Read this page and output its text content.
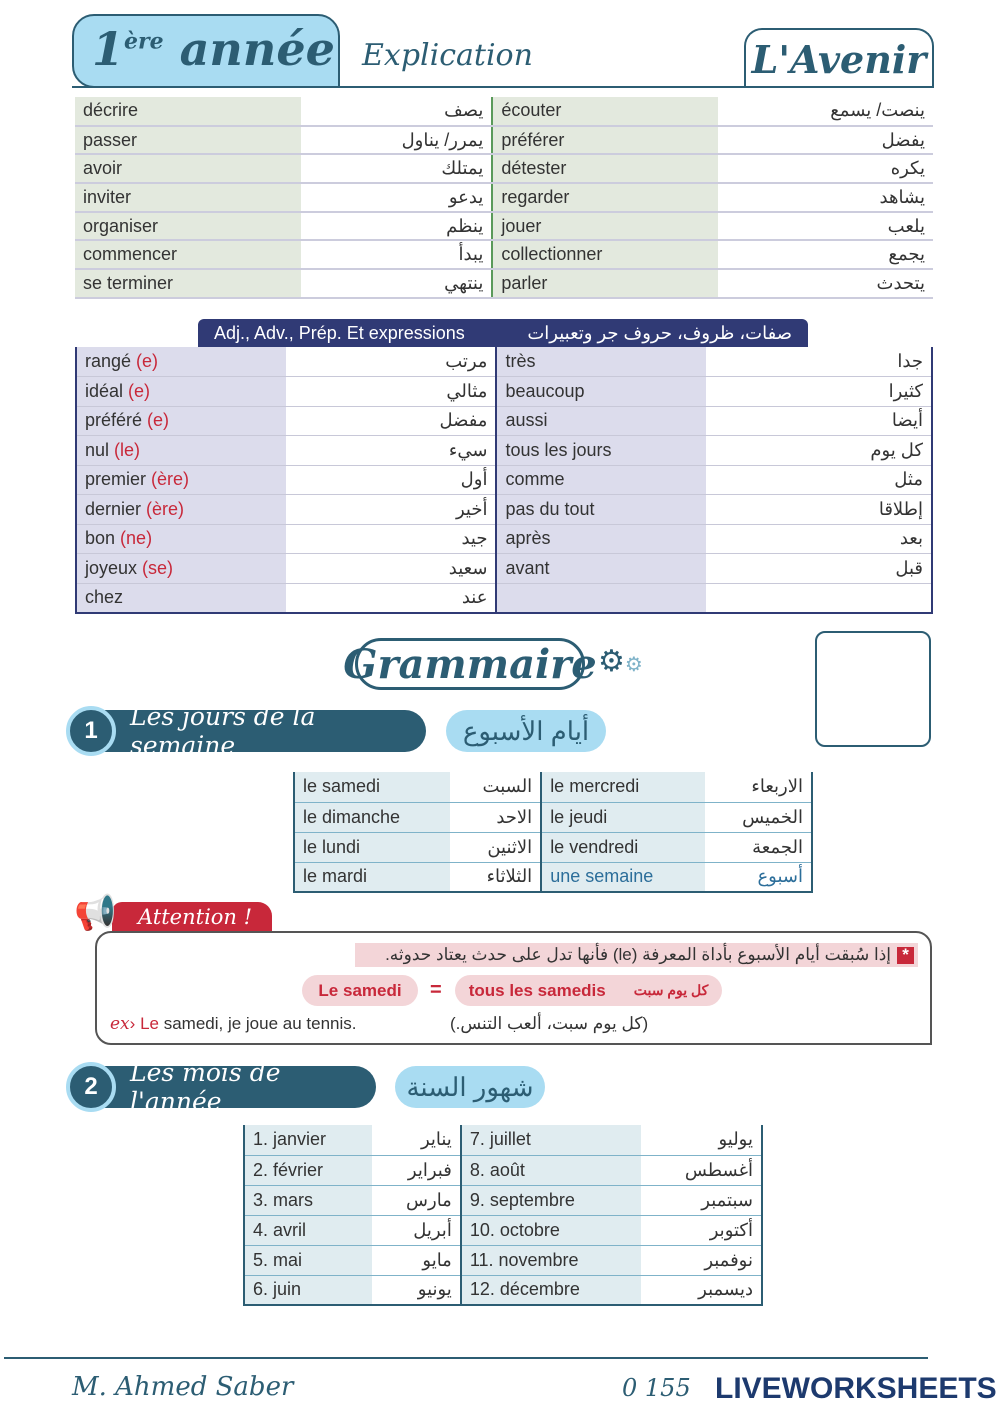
1ère année Explication	L'Avenir
décrire	يصف	écouter	ينصت/ يسمع
passer	يمرر/ يناول	préférer	يفضل
avoir	يمتلك	détester	يكره
inviter	يدعو	regarder	يشاهد
organiser	ينظم	jouer	يلعب
commencer	يبدأ	collectionner	يجمع
se terminer	ينتهي	parler	يتحدث
Adj., Adv., Prép. Et expressions	صفات، ظروف، حروف جر وتعبيرات
rangé (e)	مرتب	très	جدا
idéal (e)	مثالي	beaucoup	كثيرا
préféré (e)	مفضل	aussi	أيضا
nul (le)	سيء	tous les jours	كل يوم
premier (ère)	أول	comme	مثل
dernier (ère)	أخير	pas du tout	إطلاقا
bon (ne)	جيد	après	بعد
joyeux (se)	سعيد	avant	قبل
chez	عند		
Grammaire ⚙⚙
Les jours de la semaine
1	أيام الأسبوع
le samedi	السبت	le mercredi	الاربعاء
le dimanche	الاحد	le jeudi	الخميس
le lundi	الاثنين	le vendredi	الجمعة
le mardi	الثلاثاء	une semaine	أسبوع
Attention !
📢
*
إذا سُبقت أيام الأسبوع بأداة المعرفة (le) فأنها تدل على حدث يعتاد حدوثه.
Le samedi	= tous les samedis كل يوم سبت
ex› Le samedi, je joue au tennis.	(كل يوم سبت، ألعب التنس.)
Les mois de l'année
2	شهور السنة
1. janvier	يناير	7. juillet	يوليو
2. février	فبراير	8. août	أغسطس
3. mars	مارس	9. septembre	سبتمبر
4. avril	أبريل	10. octobre	أكتوبر
5. mai	مايو	11. novembre	نوفمبر
6. juin	يونيو	12. décembre	ديسمبر
M. Ahmed Saber	0 155 LIVEWORKSHEETS
